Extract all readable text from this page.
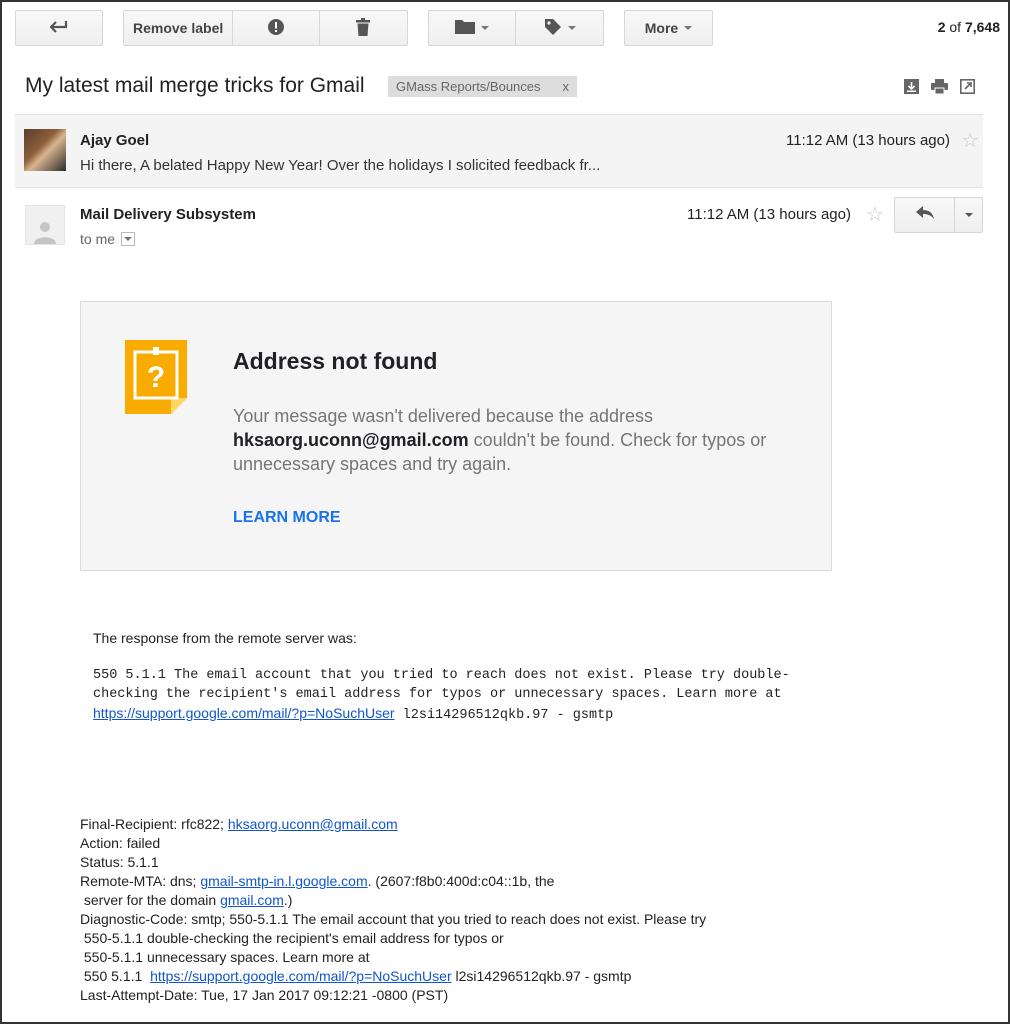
Remove label	More	2 of 7,648
My latest mail merge tricks for Gmail GMass Reports/Bounces x
Ajay Goel
Hi there, A belated Happy New Year! Over the holidays I solicited feedback fr...
11:12 AM (13 hours ago) ☆
Mail Delivery Subsystem
to me
11:12 AM (13 hours ago) ☆
?	Address not found
Your message wasn't delivered because the address
hksaorg.uconn@gmail.com couldn't be found. Check for typos or unnecessary spaces and try again.
LEARN MORE
The response from the remote server was:
550 5.1.1 The email account that you tried to reach does not exist. Please try double-
checking the recipient's email address for typos or unnecessary spaces. Learn more at
https://support.google.com/mail/?p=NoSuchUser l2si14296512qkb.97 - gsmtp
Final-Recipient: rfc822; hksaorg.uconn@gmail.com
Action: failed
Status: 5.1.1
Remote-MTA: dns; gmail-smtp-in.l.google.com. (2607:f8b0:400d:c04::1b, the
server for the domain gmail.com.)
Diagnostic-Code: smtp; 550-5.1.1 The email account that you tried to reach does not exist. Please try
550-5.1.1 double-checking the recipient's email address for typos or
550-5.1.1 unnecessary spaces. Learn more at
550 5.1.1  https://support.google.com/mail/?p=NoSuchUser l2si14296512qkb.97 - gsmtp
Last-Attempt-Date: Tue, 17 Jan 2017 09:12:21 -0800 (PST)
